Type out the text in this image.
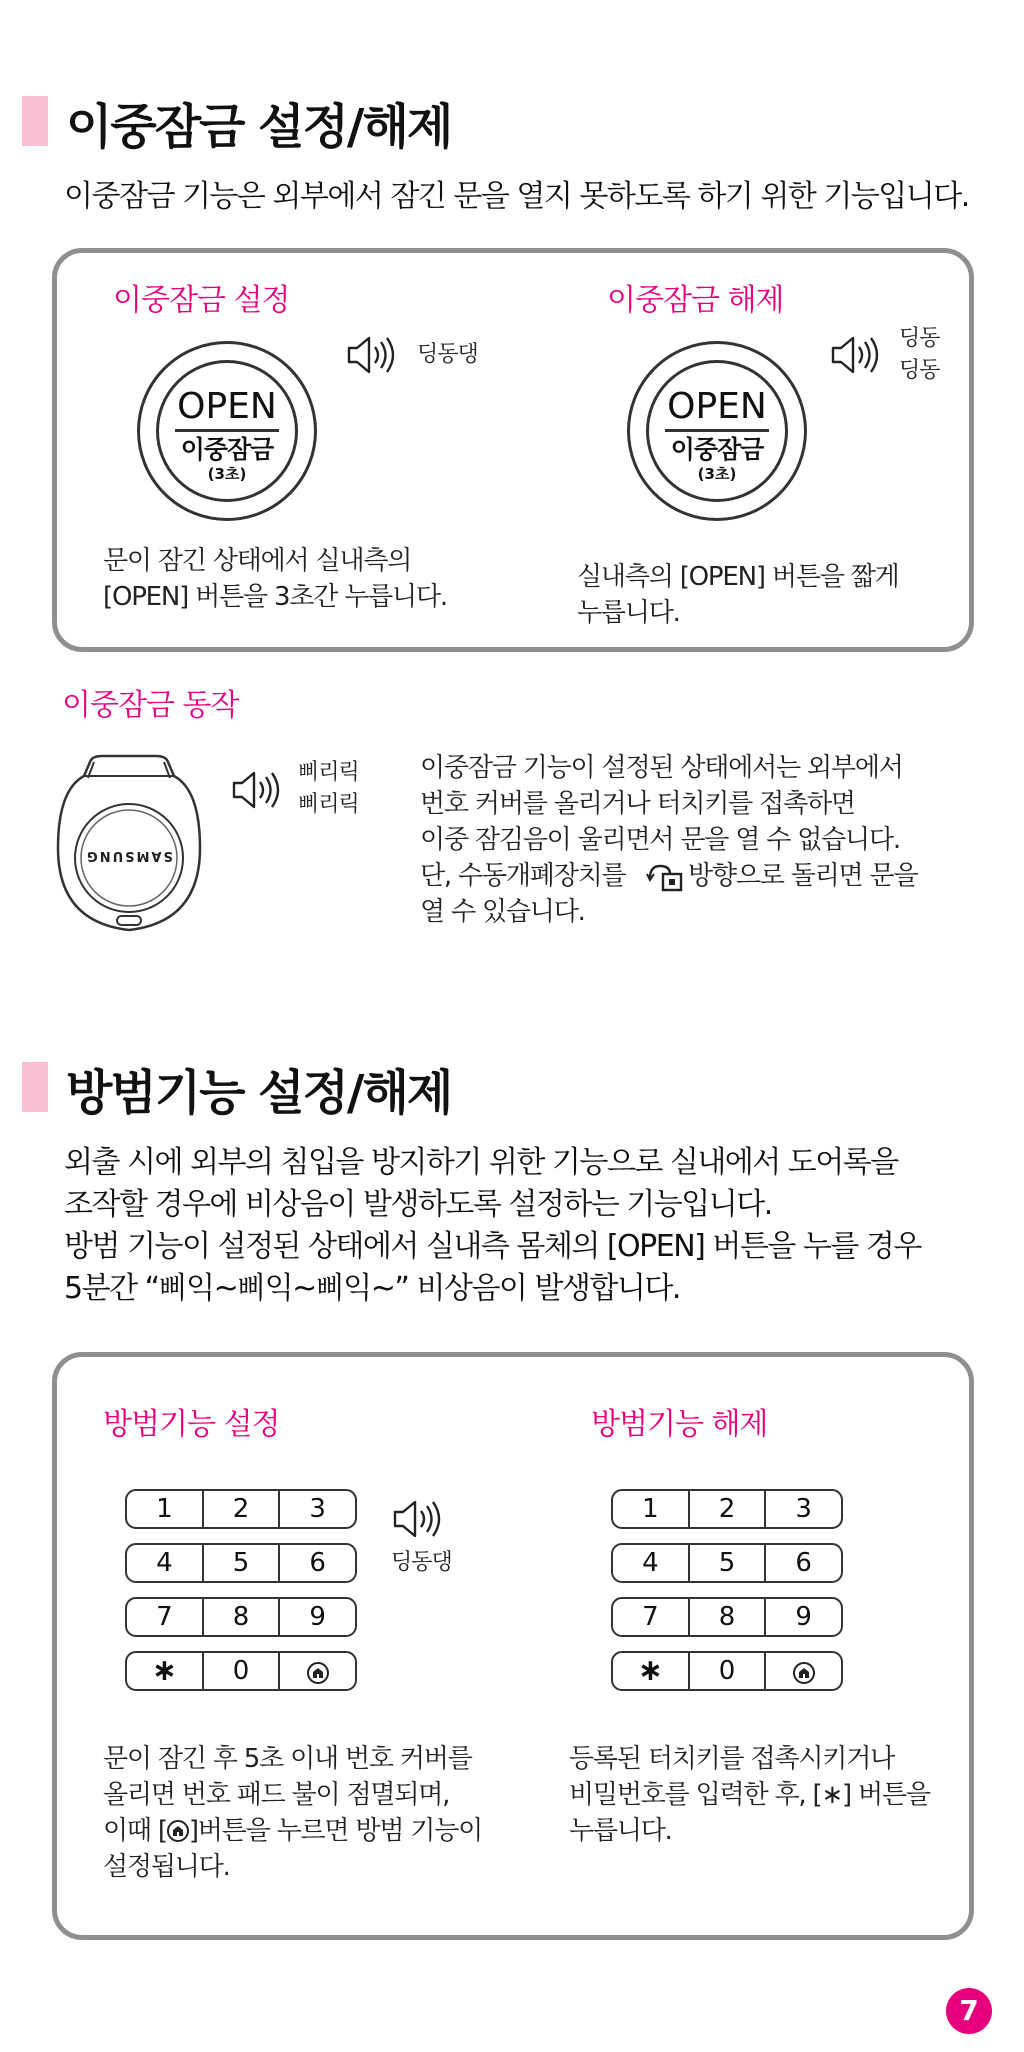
이중잠금 설정/해제
이중잠금 기능은 외부에서 잠긴 문을 열지 못하도록 하기 위한 기능입니다.
이중잠금 설정
딩동댕
OPEN
이중잠금
(3초)
문이 잠긴 상태에서 실내측의
[OPEN] 버튼을 3초간 누릅니다.
이중잠금 해제
딩동
딩동
OPEN
이중잠금
(3초)
실내측의 [OPEN] 버튼을 짧게
누릅니다.
이중잠금 동작
SAMSUNG
삐리릭
삐리릭
이중잠금 기능이 설정된 상태에서는 외부에서
번호 커버를 올리거나 터치키를 접촉하면
이중 잠김음이 울리면서 문을 열 수 없습니다.
단, 수동개폐장치를 방향으로 돌리면 문을
열 수 있습니다.
방범기능 설정/해제
외출 시에 외부의 침입을 방지하기 위한 기능으로 실내에서 도어록을
조작할 경우에 비상음이 발생하도록 설정하는 기능입니다.
방범 기능이 설정된 상태에서 실내측 몸체의 [OPEN] 버튼을 누를 경우
5분간 “삐익~삐익~삐익~” 비상음이 발생합니다.
방범기능 설정
1	2	3
4	5	6
7	8	9
∗	0
딩동댕
문이 잠긴 후 5초 이내 번호 커버를
올리면 번호 패드 불이 점멸되며,
이때 [ ]버튼을 누르면 방범 기능이
설정됩니다.
방범기능 해제
1	2	3
4	5	6
7	8	9
∗	0
등록된 터치키를 접촉시키거나
비밀번호를 입력한 후, [∗] 버튼을
누릅니다.
7
